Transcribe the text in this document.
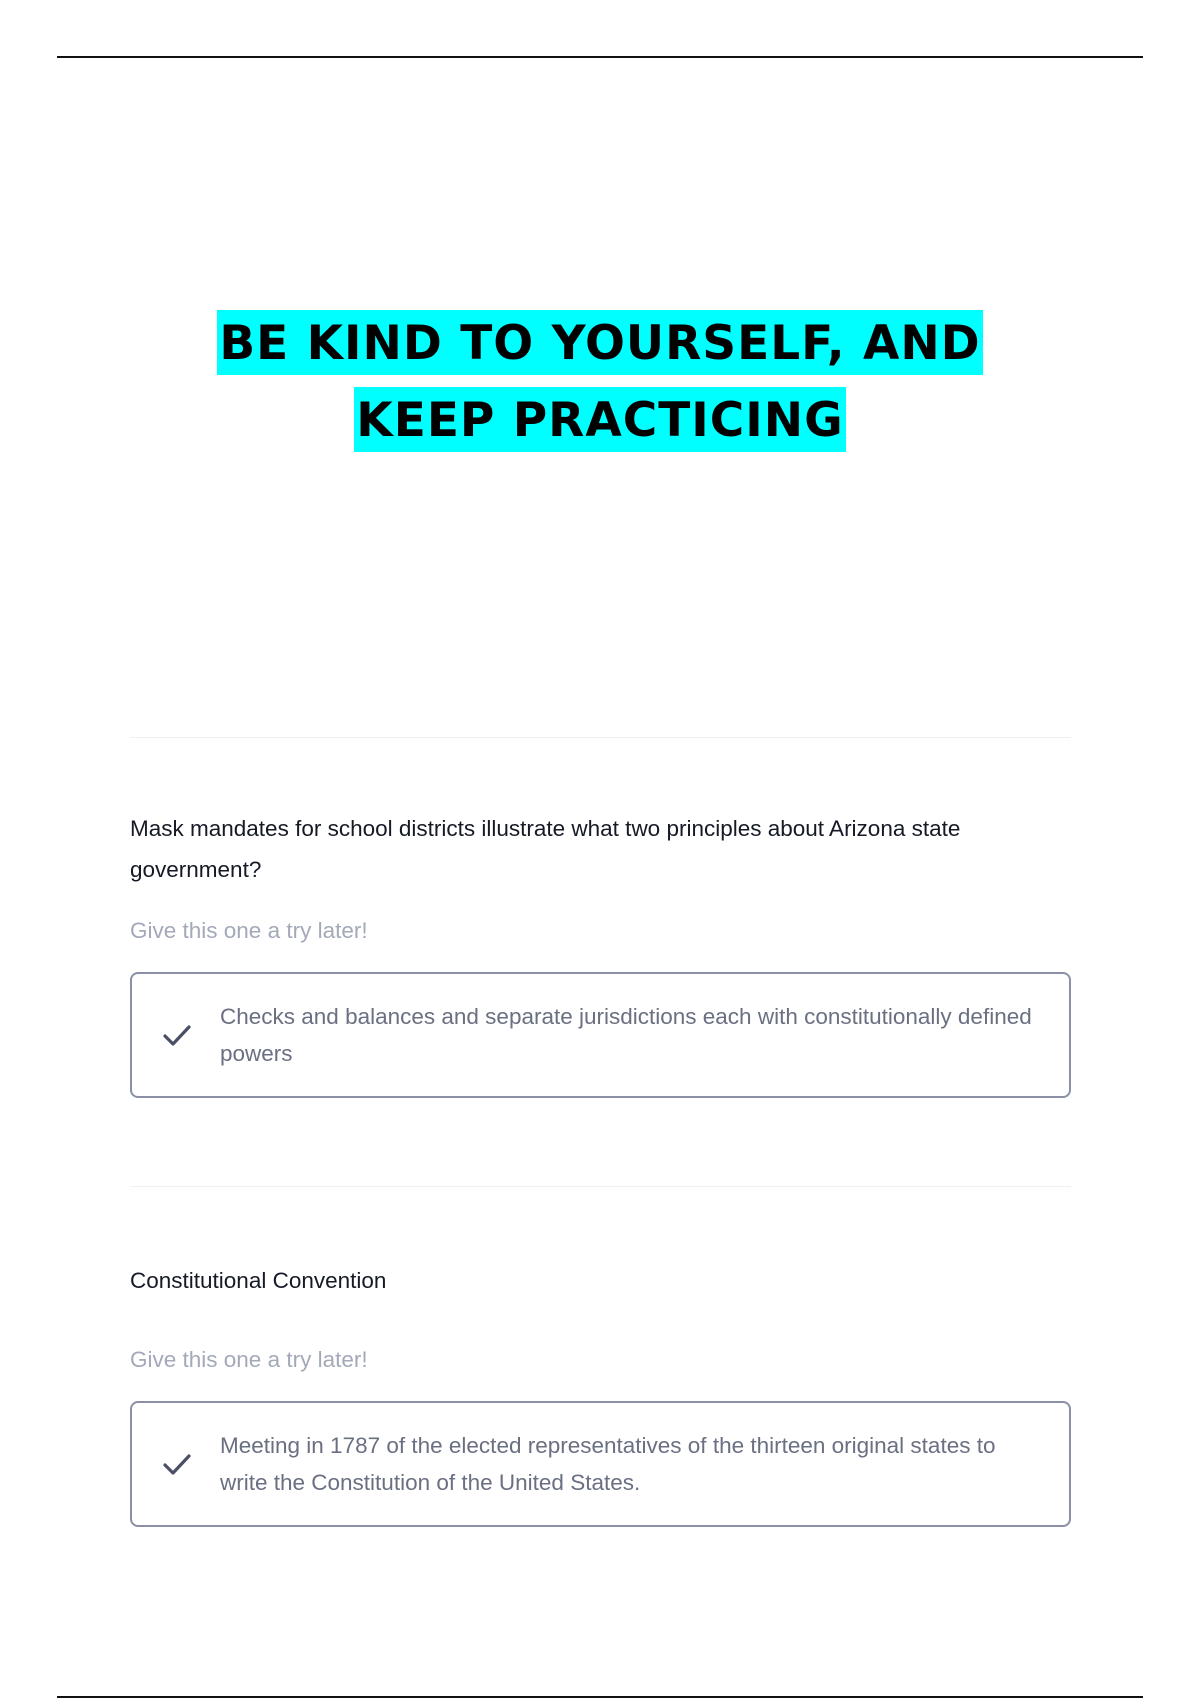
BE KIND TO YOURSELF, AND
KEEP PRACTICING

Mask mandates for school districts illustrate what two principles about Arizona state government?

Give this one a try later!

Checks and balances and separate jurisdictions each with constitutionally defined powers

Constitutional Convention

Give this one a try later!

Meeting in 1787 of the elected representatives of the thirteen original states to write the Constitution of the United States.
